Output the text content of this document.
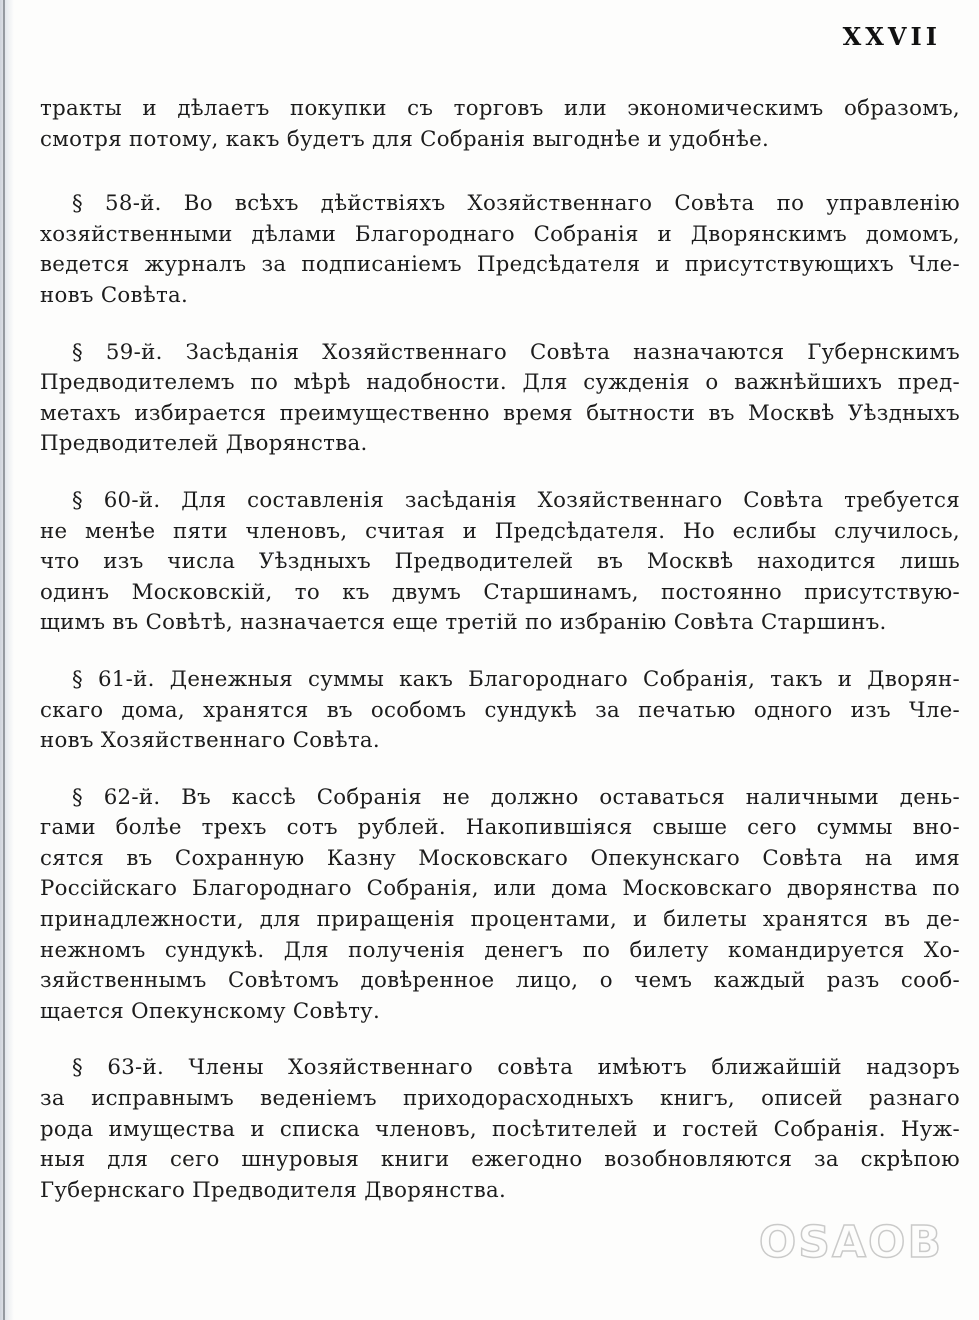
XXVII

тракты и дѣлаетъ покупки съ торговъ или экономическимъ образомъ,
смотря потому, какъ будетъ для Собранія выгоднѣе и удобнѣе.

§ 58-й. Во всѣхъ дѣйствіяхъ Хозяйственнаго Совѣта по управленію
хозяйственными дѣлами Благороднаго Собранія и Дворянскимъ домомъ,
ведется журналъ за подписаніемъ Предсѣдателя и присутствующихъ Чле-
новъ Совѣта.

§ 59-й. Засѣданія Хозяйственнаго Совѣта назначаются Губернскимъ
Предводителемъ по мѣрѣ надобности. Для сужденія о важнѣйшихъ пред-
метахъ избирается преимущественно время бытности въ Москвѣ Уѣздныхъ
Предводителей Дворянства.

§ 60-й. Для составленія засѣданія Хозяйственнаго Совѣта требуется
не менѣе пяти членовъ, считая и Предсѣдателя. Но еслибы случилось,
что изъ числа Уѣздныхъ Предводителей въ Москвѣ находится лишь
одинъ Московскій, то къ двумъ Старшинамъ, постоянно присутствую-
щимъ въ Совѣтѣ, назначается еще третій по избранію Совѣта Старшинъ.

§ 61-й. Денежныя суммы какъ Благороднаго Собранія, такъ и Дворян-
скаго дома, хранятся въ особомъ сундукѣ за печатью одного изъ Чле-
новъ Хозяйственнаго Совѣта.

§ 62-й. Въ кассѣ Собранія не должно оставаться наличными день-
гами болѣе трехъ сотъ рублей. Накопившіяся свыше сего суммы вно-
сятся въ Сохранную Казну Московскаго Опекунскаго Совѣта на имя
Россійскаго Благороднаго Собранія, или дома Московскаго дворянства по
принадлежности, для приращенія процентами, и билеты хранятся въ де-
нежномъ сундукѣ. Для полученія денегъ по билету командируется Хо-
зяйственнымъ Совѣтомъ довѣренное лицо, о чемъ каждый разъ сооб-
щается Опекунскому Совѣту.

§ 63-й. Члены Хозяйственнаго совѣта имѣютъ ближайшій надзоръ
за исправнымъ веденіемъ приходорасходныхъ книгъ, описей разнаго
рода имущества и списка членовъ, посѣтителей и гостей Собранія. Нуж-
ныя для сего шнуровыя книги ежегодно возобновляются за скрѣпою
Губернскаго Предводителя Дворянства.

OSAOB
